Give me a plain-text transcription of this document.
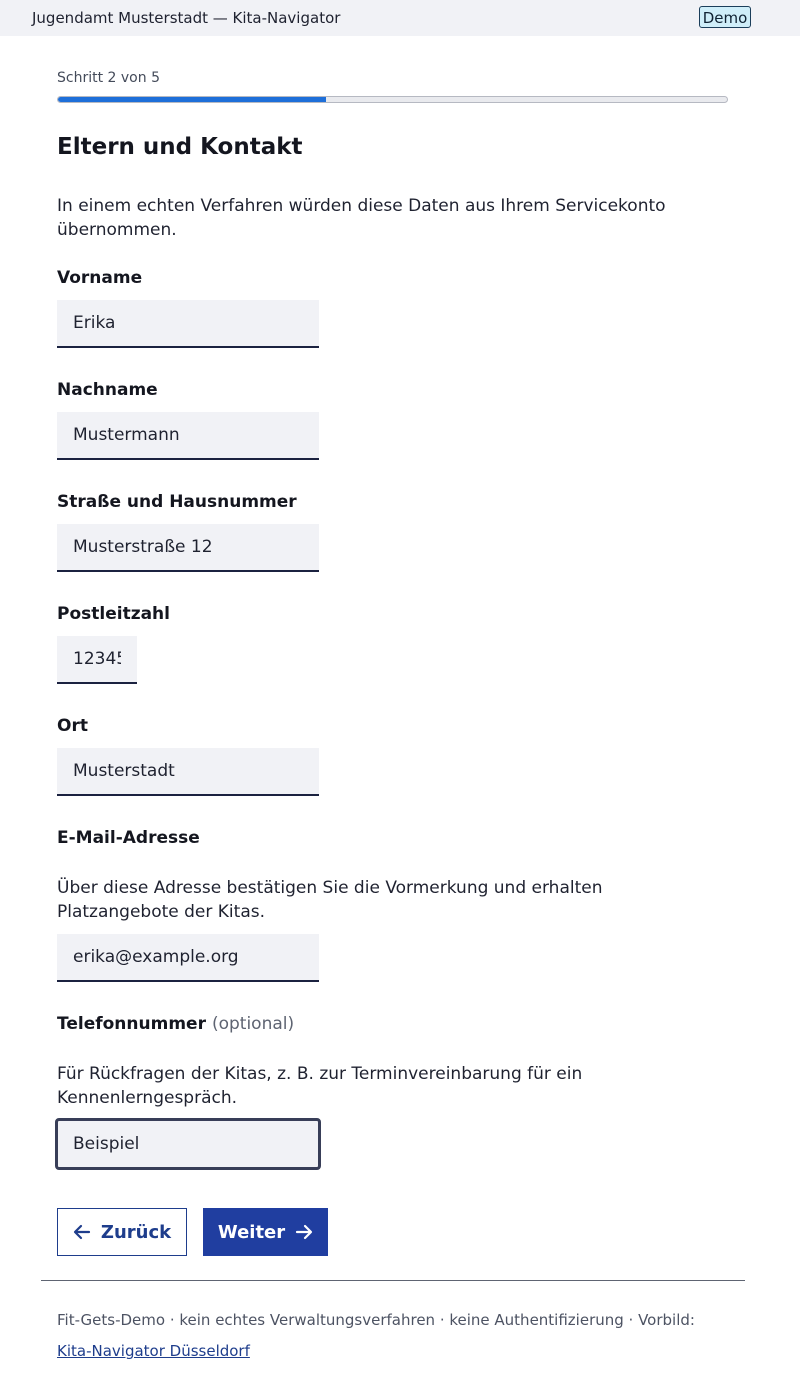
Jugendamt Musterstadt — Kita-Navigator	Demo
Schritt 2 von 5
Eltern und Kontakt

In einem echten Verfahren würden diese Daten aus Ihrem Servicekonto übernommen.

Vorname
Erika
Nachname
Mustermann
Straße und Hausnummer
Musterstraße 12
Postleitzahl
12345
Ort
Musterstadt
E-Mail-Adresse

Über diese Adresse bestätigen Sie die Vormerkung und erhalten Platzangebote der Kitas.

erika@example.org
Telefonnummer (optional)

Für Rückfragen der Kitas, z. B. zur Terminvereinbarung für ein Kennenlerngespräch.

Beispiel
Zurück	Weiter
Fit-Gets-Demo · kein echtes Verwaltungsverfahren · keine Authentifizierung · Vorbild:
Kita-Navigator Düsseldorf
